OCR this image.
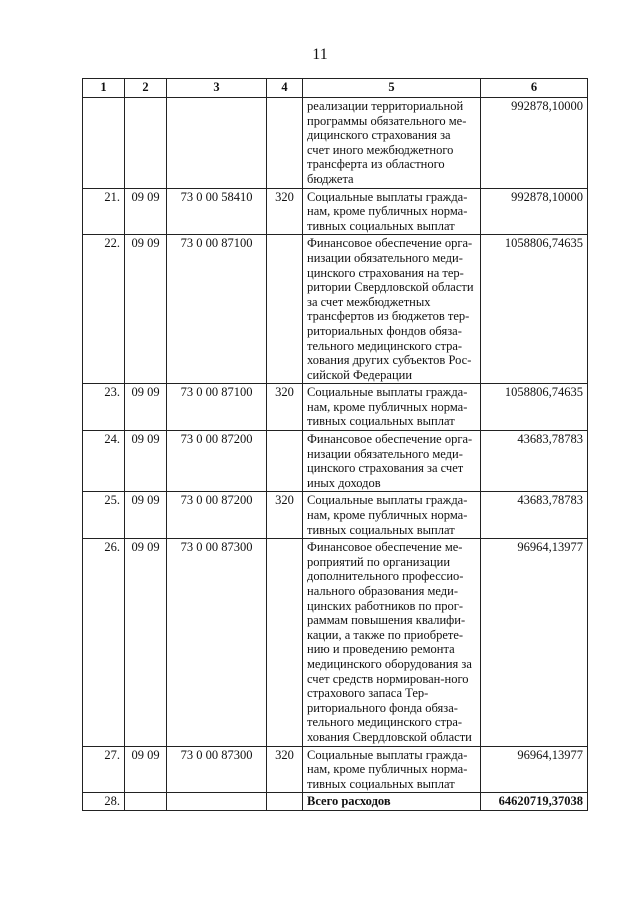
11
1	2	3	4	5	6
				реализации территориальной программы обязательного ме-дицинского страхования за счет иного межбюджетного трансферта из областного бюджета	992878,10000
21.	09 09	73 0 00 58410	320	Социальные выплаты гражда-нам, кроме публичных норма-тивных социальных выплат	992878,10000
22.	09 09	73 0 00 87100		Финансовое обеспечение орга-низации обязательного меди-цинского страхования на тер-ритории Свердловской области за счет межбюджетных трансфертов из бюджетов тер-риториальных фондов обяза-тельного медицинского стра-хования других субъектов Рос-сийской Федерации	1058806,74635
23.	09 09	73 0 00 87100	320	Социальные выплаты гражда-нам, кроме публичных норма-тивных социальных выплат	1058806,74635
24.	09 09	73 0 00 87200		Финансовое обеспечение орга-низации обязательного меди-цинского страхования за счет иных доходов	43683,78783
25.	09 09	73 0 00 87200	320	Социальные выплаты гражда-нам, кроме публичных норма-тивных социальных выплат	43683,78783
26.	09 09	73 0 00 87300		Финансовое обеспечение ме-роприятий по организации дополнительного профессио-нального образования меди-цинских работников по прог-раммам повышения квалифи-кации, а также по приобрете-нию и проведению ремонта медицинского оборудования за счет средств нормирован-ного страхового запаса Тер-риториального фонда обяза-тельного медицинского стра-хования Свердловской области	96964,13977
27.	09 09	73 0 00 87300	320	Социальные выплаты гражда-нам, кроме публичных норма-тивных социальных выплат	96964,13977
28.				Всего расходов	64620719,37038
